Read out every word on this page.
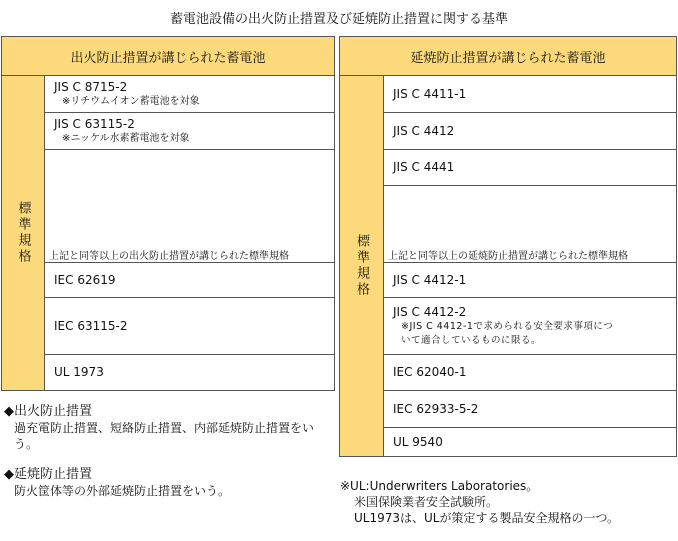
蓄電池設備の出火防止措置及び延焼防止措置に関する基準
出火防止措置が講じられた蓄電池
標準規格
JIS C 8715-2
※リチウムイオン蓄電池を対象
JIS C 63115-2
※ニッケル水素蓄電池を対象
上記と同等以上の出火防止措置が講じられた標準規格
IEC 62619
IEC 63115-2
UL 1973
延焼防止措置が講じられた蓄電池
標準規格
JIS C 4411-1
JIS C 4412
JIS C 4441
上記と同等以上の延焼防止措置が講じられた標準規格
JIS C 4412-1
JIS C 4412-2
※JIS C 4412-1で求められる安全要求事項につ
いて適合しているものに限る。
IEC 62040-1
IEC 62933-5-2
UL 9540
◆出火防止措置
過充電防止措置、短絡防止措置、内部延焼防止措置をいう。
◆延焼防止措置
防火筐体等の外部延焼防止措置をいう。	※UL:Underwriters Laboratories。
米国保険業者安全試験所。
UL1973は、ULが策定する製品安全規格の一つ。
